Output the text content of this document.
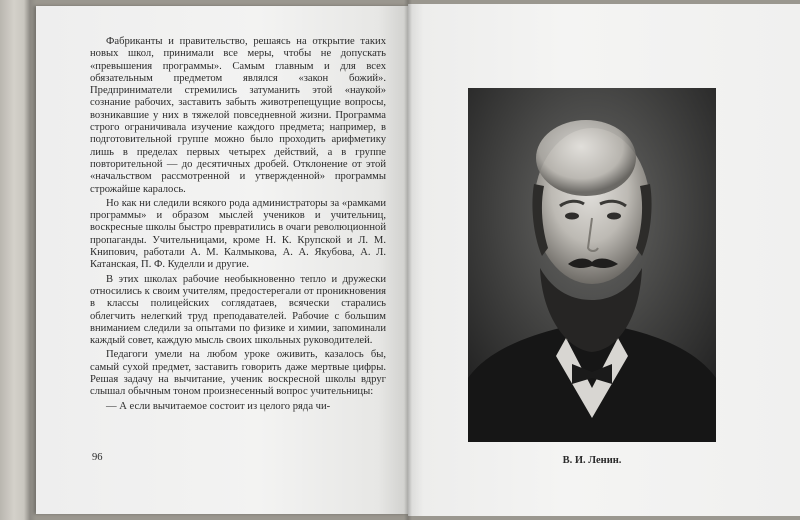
Фабриканты и правительство, решаясь на открытие таких новых школ, принимали все меры, чтобы не допускать «превышения программы». Самым главным и для всех обязательным предметом являлся «закон божий». Предприниматели стремились затуманить этой «наукой» сознание рабочих, заставить забыть животрепещущие вопросы, возникавшие у них в тяжелой повседневной жизни. Программа строго ограничивала изучение каждого предмета; например, в подготовительной группе можно было проходить арифметику лишь в пределах первых четырех действий, а в группе повторительной — до десятичных дробей. Отклонение от этой «начальством рассмотренной и утвержденной» программы строжайше каралось.

Но как ни следили всякого рода администраторы за «рамками программы» и образом мыслей учеников и учительниц, воскресные школы быстро превратились в очаги революционной пропаганды. Учительницами, кроме Н. К. Крупской и Л. М. Книпович, работали А. М. Калмыкова, А. А. Якубова, А. Л. Катанская, П. Ф. Куделли и другие.

В этих школах рабочие необыкновенно тепло и дружески относились к своим учителям, предостерегали от проникновения в классы полицейских соглядатаев, всячески старались облегчить нелегкий труд преподавателей. Рабочие с большим вниманием следили за опытами по физике и химии, запоминали каждый совет, каждую мысль своих школьных руководителей.

Педагоги умели на любом уроке оживить, казалось бы, самый сухой предмет, заставить говорить даже мертвые цифры. Решая задачу на вычитание, ученик воскресной школы вдруг слышал обычным тоном произнесенный вопрос учительницы:

— А если вычитаемое состоит из целого ряда чи-

96	В. И. Ленин.
